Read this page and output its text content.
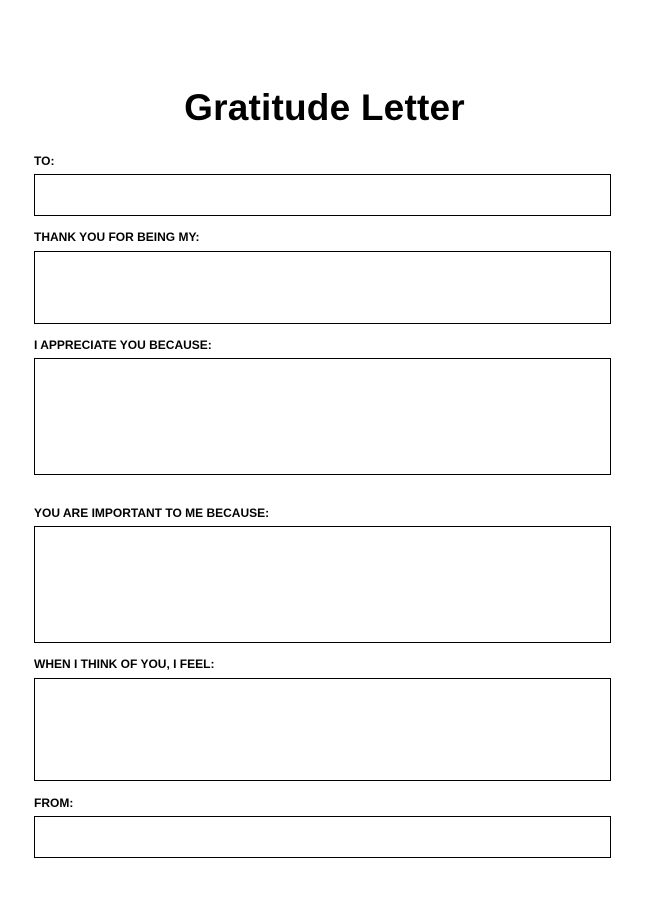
Gratitude Letter
TO:
THANK YOU FOR BEING MY:
I APPRECIATE YOU BECAUSE:
YOU ARE IMPORTANT TO ME BECAUSE:
WHEN I THINK OF YOU, I FEEL:
FROM:
